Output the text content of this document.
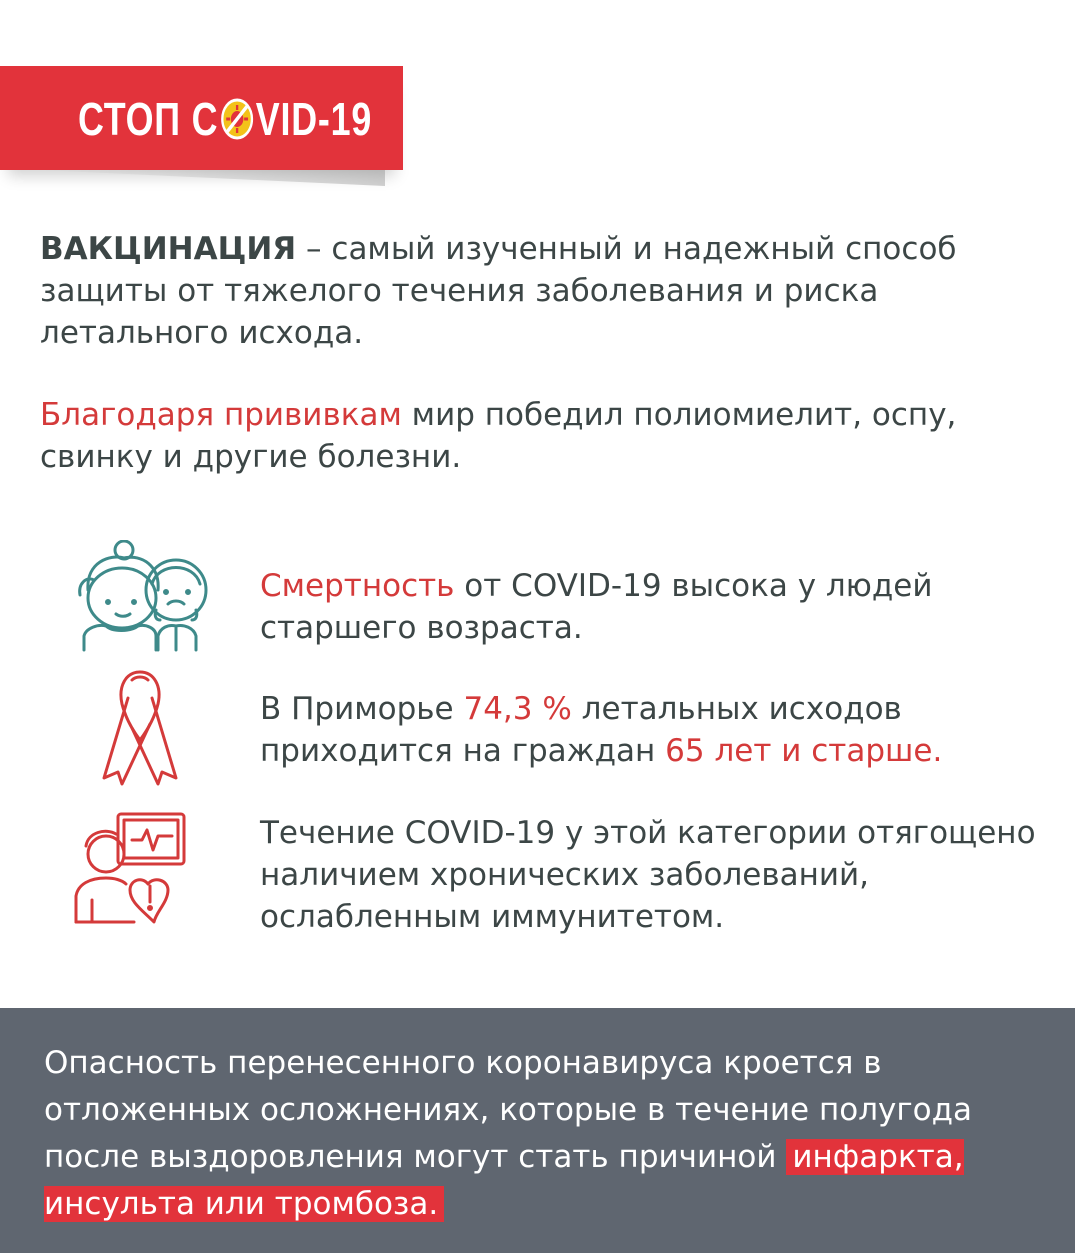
СТОП C VID-19
ВАКЦИНАЦИЯ – самый изученный и надежный способ защиты от тяжелого течения заболевания и риска летального исхода.
Благодаря прививкам мир победил полиомиелит, оспу, свинку и другие болезни.
Смертность от COVID-19 высока у людей старшего возраста.
В Приморье 74,3 % летальных исходов приходится на граждан 65 лет и старше.
Течение COVID-19 у этой категории отягощено наличием хронических заболеваний, ослабленным иммунитетом.
Опасность перенесенного коронавируса кроется в отложенных осложнениях, которые в течение полугода после выздоровления могут стать причиной инфаркта, инсульта или тромбоза.
